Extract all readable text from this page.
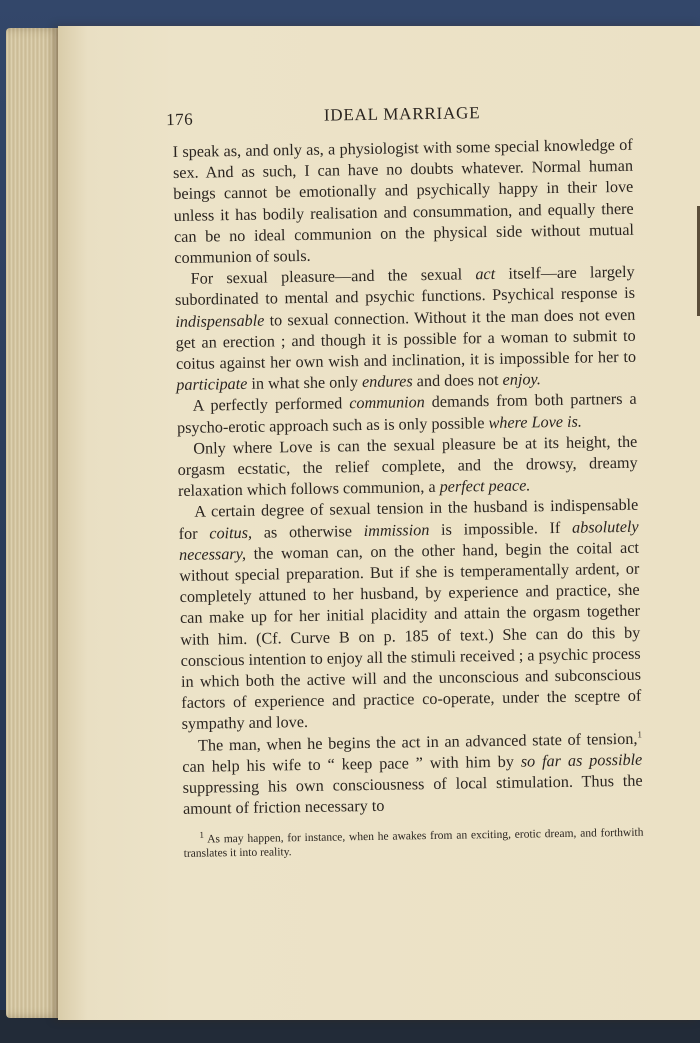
176	IDEAL MARRIAGE

I speak as, and only as, a physiologist with some special knowledge of sex. And as such, I can have no doubts whatever. Normal human beings cannot be emotionally and psychically happy in their love unless it has bodily realisation and consummation, and equally there can be no ideal communion on the physical side without mutual communion of souls.

For sexual pleasure—and the sexual act itself—are largely subordinated to mental and psychic functions. Psychical response is indispensable to sexual connection. Without it the man does not even get an erection ; and though it is possible for a woman to submit to coitus against her own wish and inclination, it is impossible for her to participate in what she only endures and does not enjoy.

A perfectly performed communion demands from both partners a psycho-erotic approach such as is only possible where Love is.

Only where Love is can the sexual pleasure be at its height, the orgasm ecstatic, the relief complete, and the drowsy, dreamy relaxation which follows communion, a perfect peace.

A certain degree of sexual tension in the husband is indispensable for coitus, as otherwise immission is impossible. If absolutely necessary, the woman can, on the other hand, begin the coital act without special preparation. But if she is temperamentally ardent, or completely attuned to her husband, by experience and practice, she can make up for her initial placidity and attain the orgasm together with him. (Cf. Curve B on p. 185 of text.) She can do this by conscious intention to enjoy all the stimuli received ; a psychic process in which both the active will and the unconscious and subconscious factors of experience and practice co-operate, under the sceptre of sympathy and love.

The man, when he begins the act in an advanced state of tension,$^1$ can help his wife to “ keep pace ” with him by so far as possible suppressing his own consciousness of local stimulation. Thus the amount of friction necessary to

$^1$ As may happen, for instance, when he awakes from an exciting, erotic dream, and forthwith translates it into reality.
